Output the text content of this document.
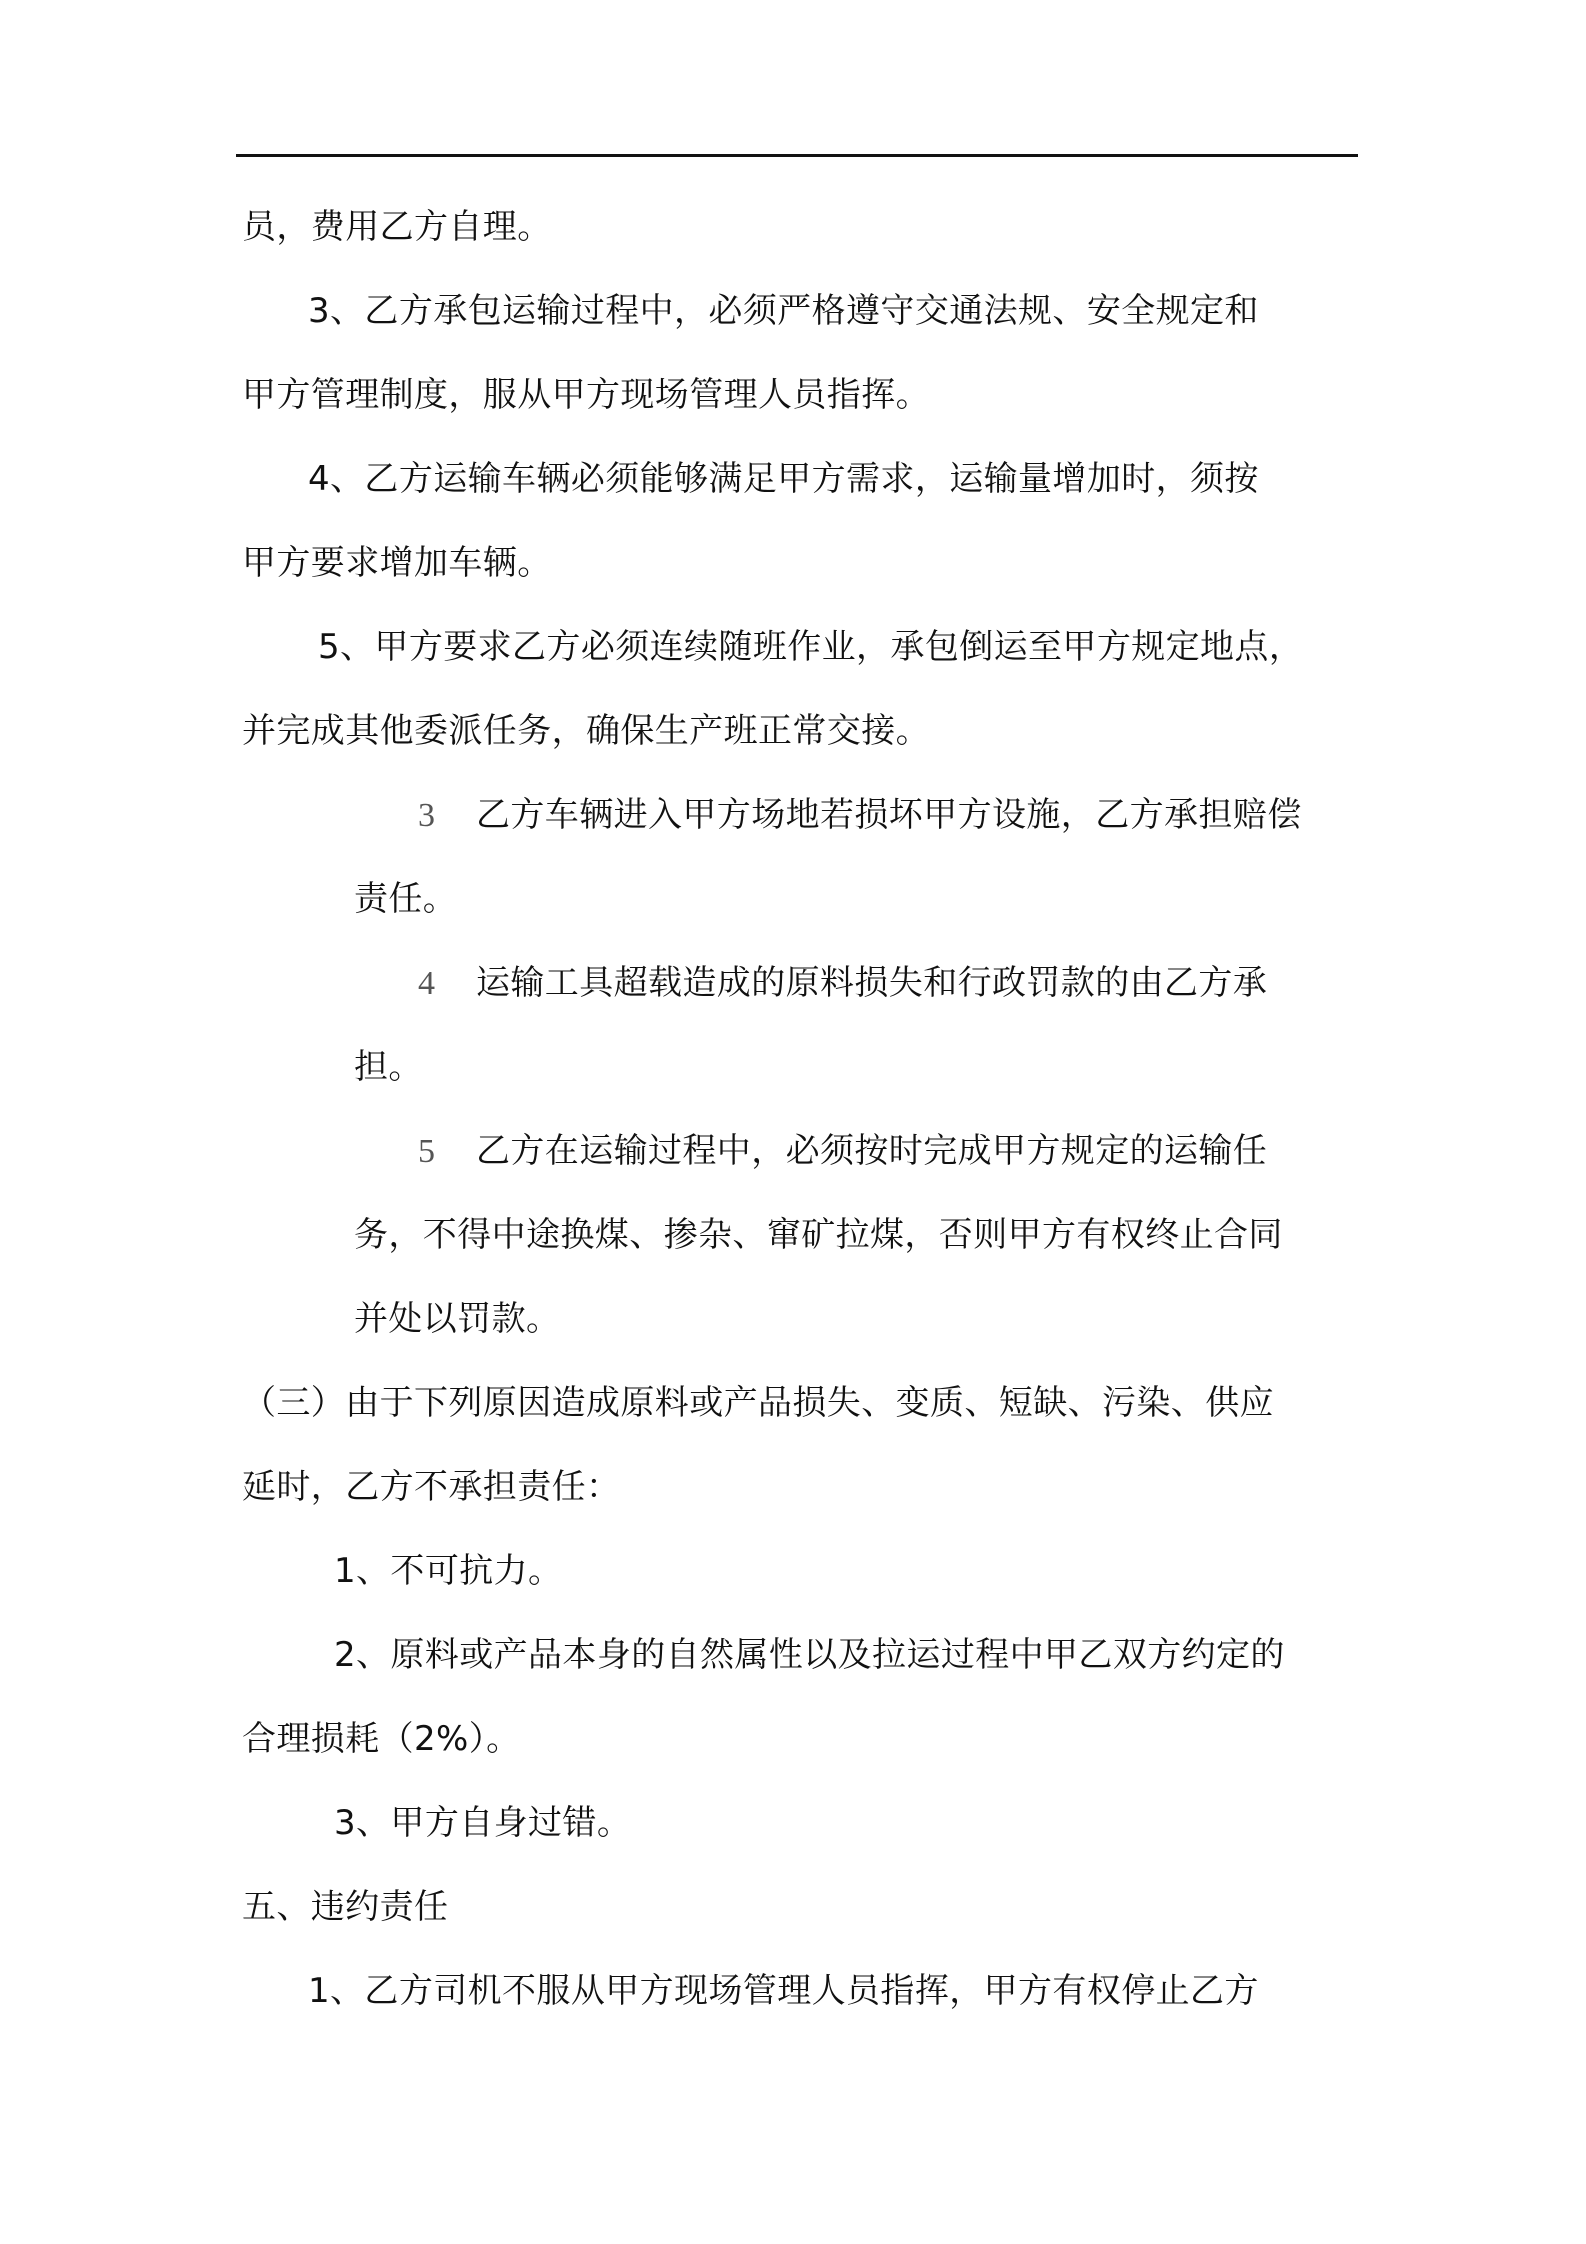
员，费用乙方自理。
3、乙方承包运输过程中，必须严格遵守交通法规、安全规定和
甲方管理制度，服从甲方现场管理人员指挥。
4、乙方运输车辆必须能够满足甲方需求，运输量增加时，须按
甲方要求增加车辆。
5、甲方要求乙方必须连续随班作业，承包倒运至甲方规定地点，
并完成其他委派任务，确保生产班正常交接。
3 乙方车辆进入甲方场地若损坏甲方设施，乙方承担赔偿
责任。
4 运输工具超载造成的原料损失和行政罚款的由乙方承
担。
5 乙方在运输过程中，必须按时完成甲方规定的运输任
务，不得中途换煤、掺杂、窜矿拉煤，否则甲方有权终止合同
并处以罚款。
（三）由于下列原因造成原料或产品损失、变质、短缺、污染、供应
延时，乙方不承担责任：
1、不可抗力。
2、原料或产品本身的自然属性以及拉运过程中甲乙双方约定的
合理损耗（2%）。
3、甲方自身过错。
五、违约责任
1、乙方司机不服从甲方现场管理人员指挥，甲方有权停止乙方
